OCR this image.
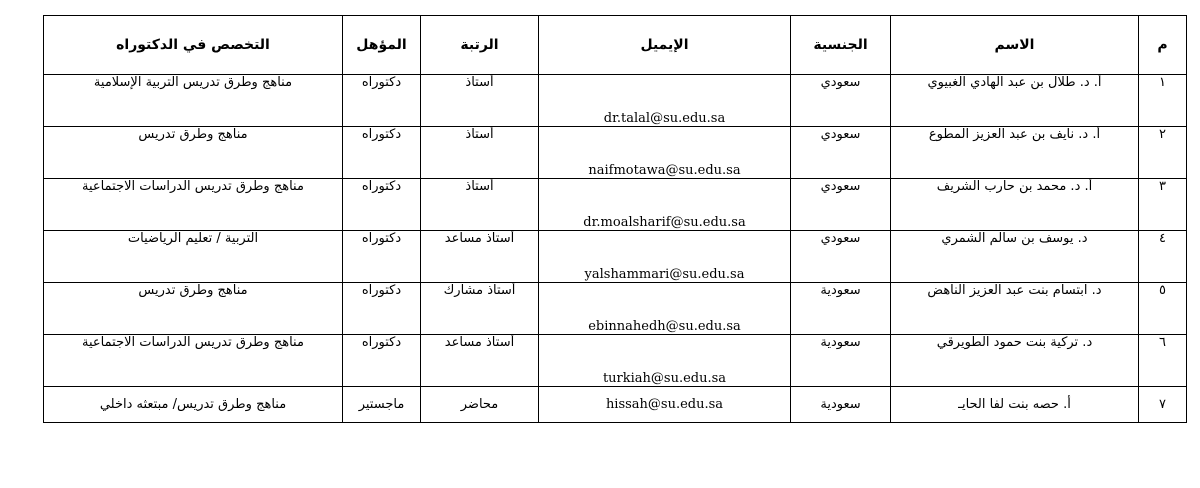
م	الاسم	الجنسية	الإيميل	الرتبة	المؤهل	التخصص في الدكتوراه
١	أ. د. طلال بن عبد الهادي الغبيوي	سعودي	dr.talal@su.edu.sa	أستاذ	دكتوراه	مناهج وطرق تدريس التربية الإسلامية
٢	أ. د. نايف بن عبد العزيز المطوع	سعودي	naifmotawa@su.edu.sa	أستاذ	دكتوراه	مناهج وطرق تدريس
٣	أ. د. محمد بن حارب الشريف	سعودي	dr.moalsharif@su.edu.sa	أستاذ	دكتوراه	مناهج وطرق تدريس الدراسات الاجتماعية
٤	د. يوسف بن سالم الشمري	سعودي	yalshammari@su.edu.sa	أستاذ مساعد	دكتوراه	التربية / تعليم الرياضيات
٥	د. ابتسام بنت عبد العزيز الناهض	سعودية	ebinnahedh@su.edu.sa	أستاذ مشارك	دكتوراه	مناهج وطرق تدريس
٦	د. تركية بنت حمود الطويرقي	سعودية	turkiah@su.edu.sa	أستاذ مساعد	دكتوراه	مناهج وطرق تدريس الدراسات الاجتماعية
٧	أ. حصه بنت لفا الحايـ	سعودية	hissah@su.edu.sa	محاضر	ماجستير	مناهج وطرق تدريس/ مبتعثه داخلي
